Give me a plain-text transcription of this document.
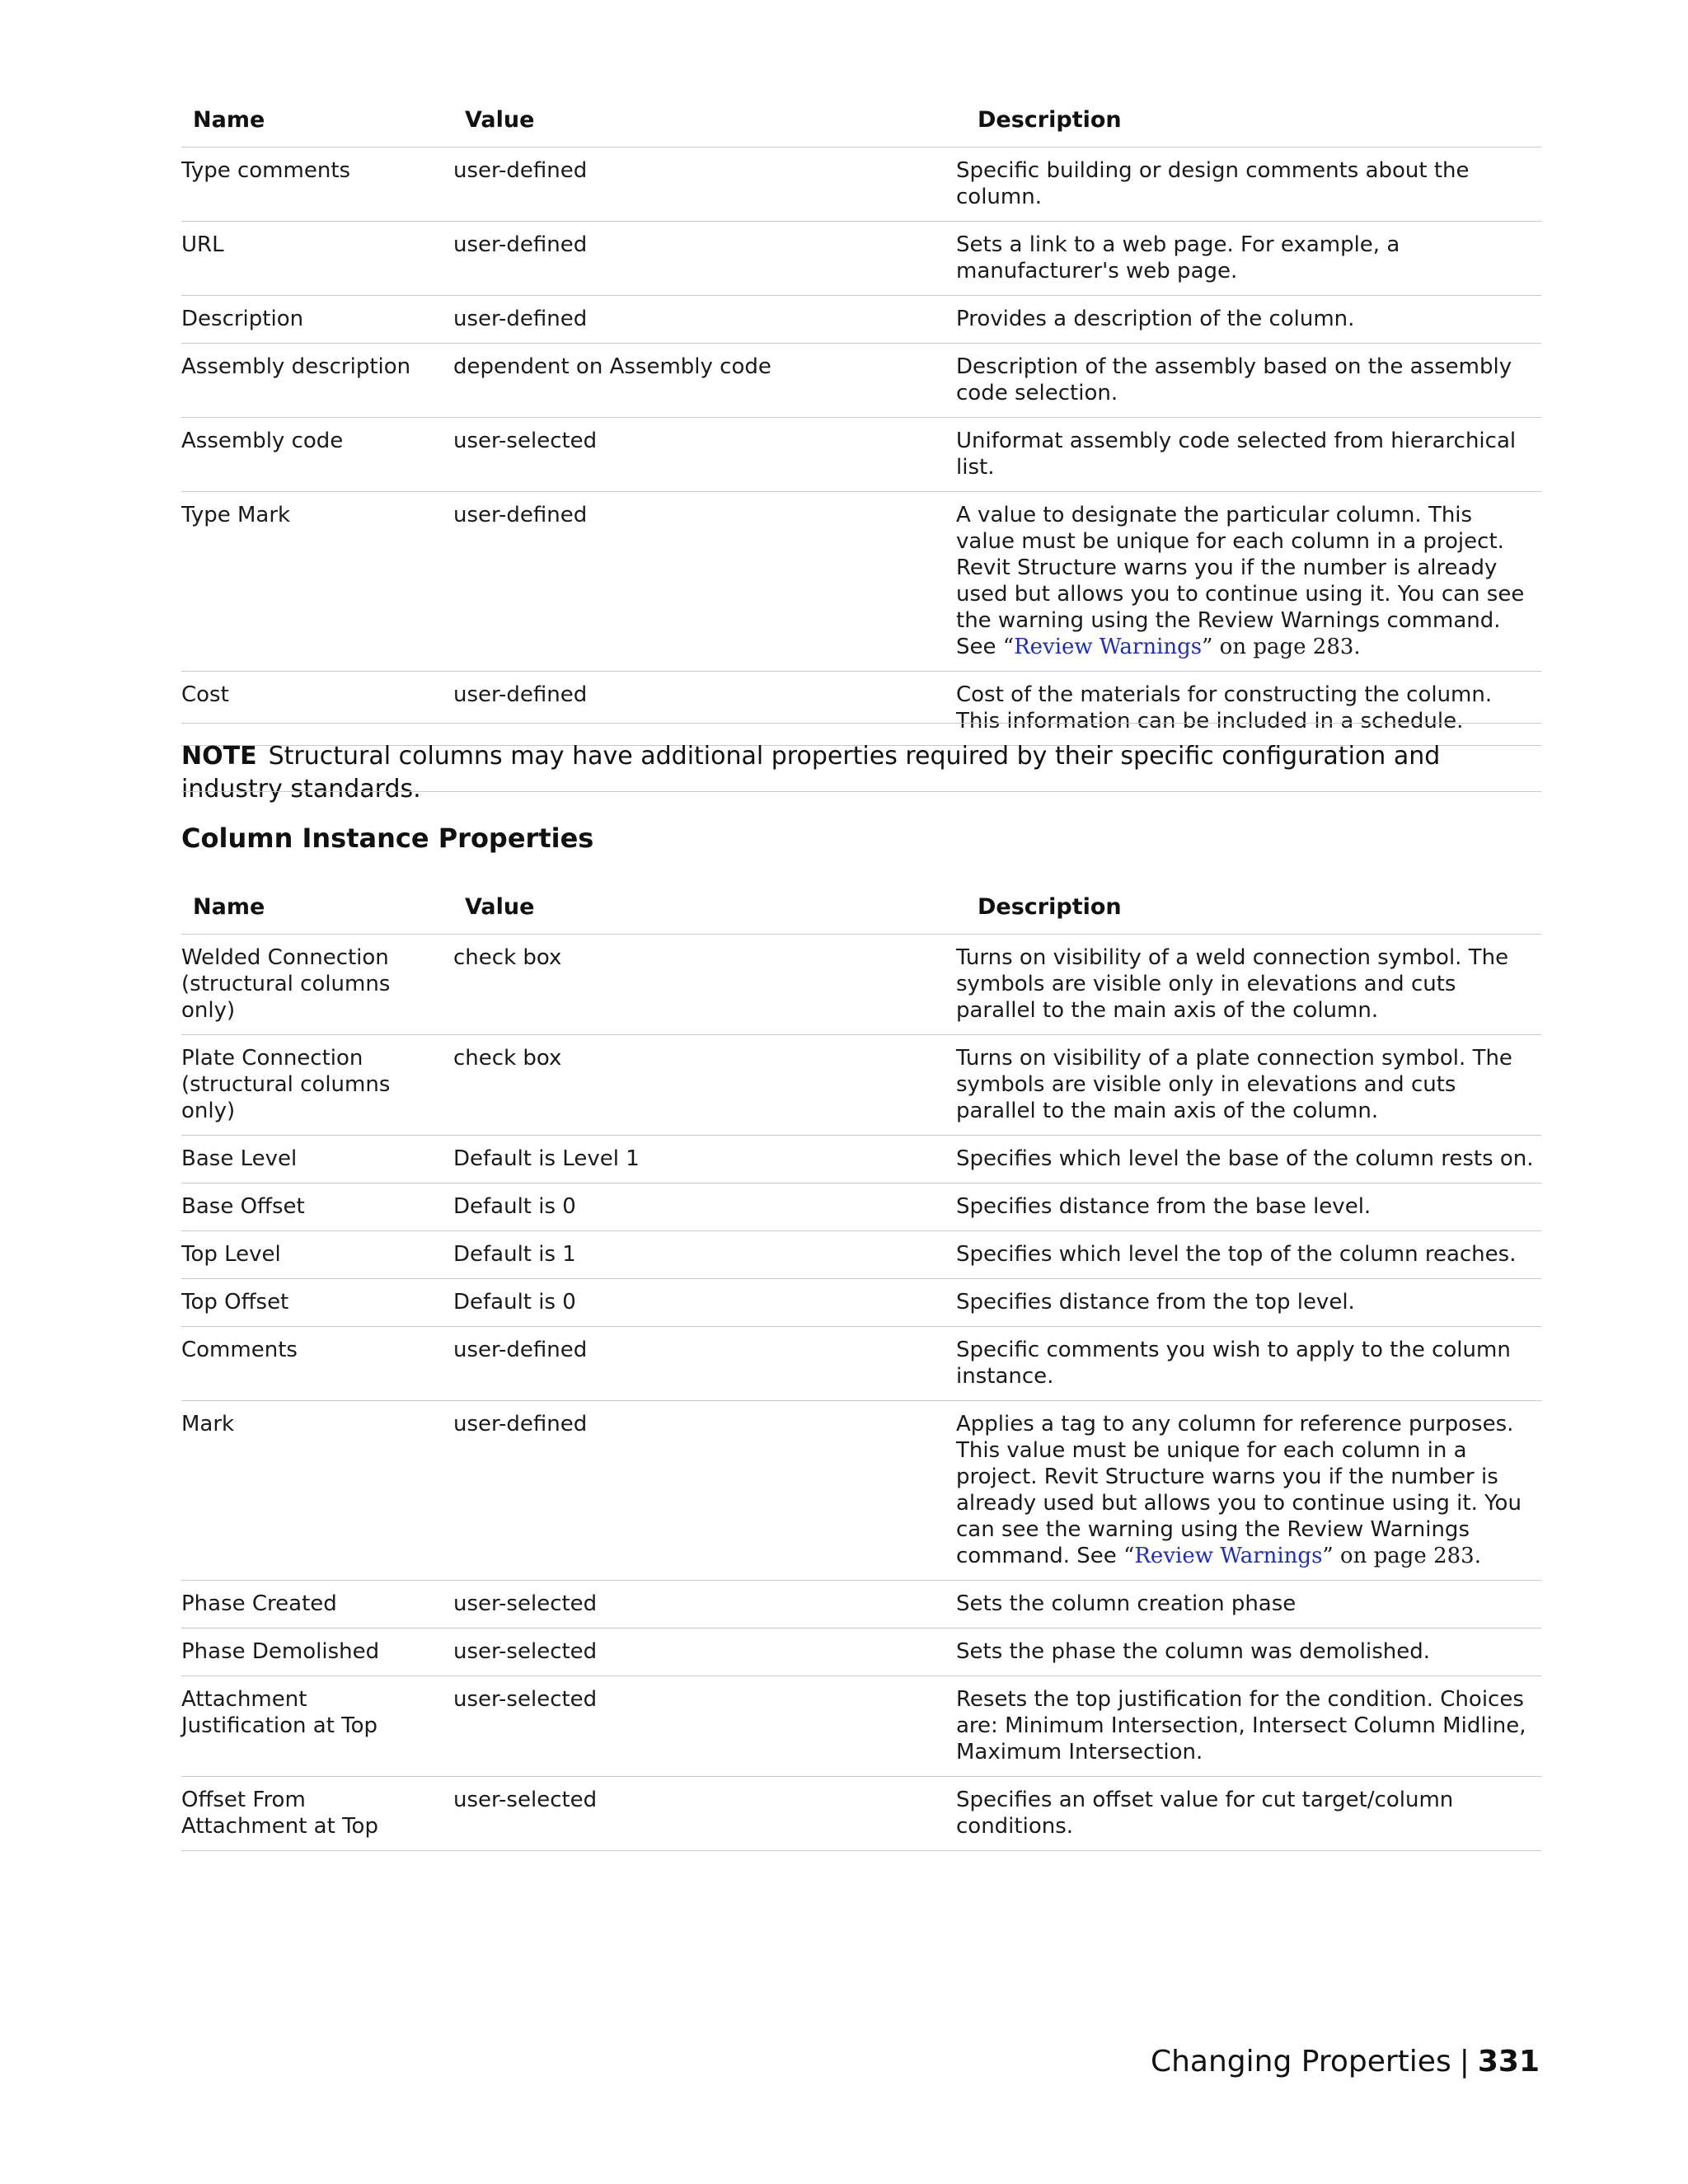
Name	Value	Description
Type comments	user-defined	Specific building or design comments about the column.
URL	user-defined	Sets a link to a web page. For example, a manufacturer's web page.
Description	user-defined	Provides a description of the column.
Assembly description	dependent on Assembly code	Description of the assembly based on the assembly code selection.
Assembly code	user-selected	Uniformat assembly code selected from hierarchical list.
Type Mark	user-defined	A value to designate the particular column. This value must be unique for each column in a project. Revit Structure warns you if the number is already used but allows you to continue using it. You can see the warning using the Review Warnings command. See “Review Warnings” on page 283.
Cost	user-defined	Cost of the materials for constructing the column. This information can be included in a schedule.
NOTE Structural columns may have additional properties required by their specific configuration and industry standards.
Column Instance Properties
Name	Value	Description
Welded Connection (structural columns only)	check box	Turns on visibility of a weld connection symbol. The symbols are visible only in elevations and cuts parallel to the main axis of the column.
Plate Connection (structural columns only)	check box	Turns on visibility of a plate connection symbol. The symbols are visible only in elevations and cuts parallel to the main axis of the column.
Base Level	Default is Level 1	Specifies which level the base of the column rests on.
Base Offset	Default is 0	Specifies distance from the base level.
Top Level	Default is 1	Specifies which level the top of the column reaches.
Top Offset	Default is 0	Specifies distance from the top level.
Comments	user-defined	Specific comments you wish to apply to the column instance.
Mark	user-defined	Applies a tag to any column for reference purposes. This value must be unique for each column in a project. Revit Structure warns you if the number is already used but allows you to continue using it. You can see the warning using the Review Warnings command. See “Review Warnings” on page 283.
Phase Created	user-selected	Sets the column creation phase
Phase Demolished	user-selected	Sets the phase the column was demolished.
Attachment Justification at Top	user-selected	Resets the top justification for the condition. Choices are: Minimum Intersection, Intersect Column Midline, Maximum Intersection.
Offset From Attachment at Top	user-selected	Specifies an offset value for cut target/column conditions.
Changing Properties | 331
